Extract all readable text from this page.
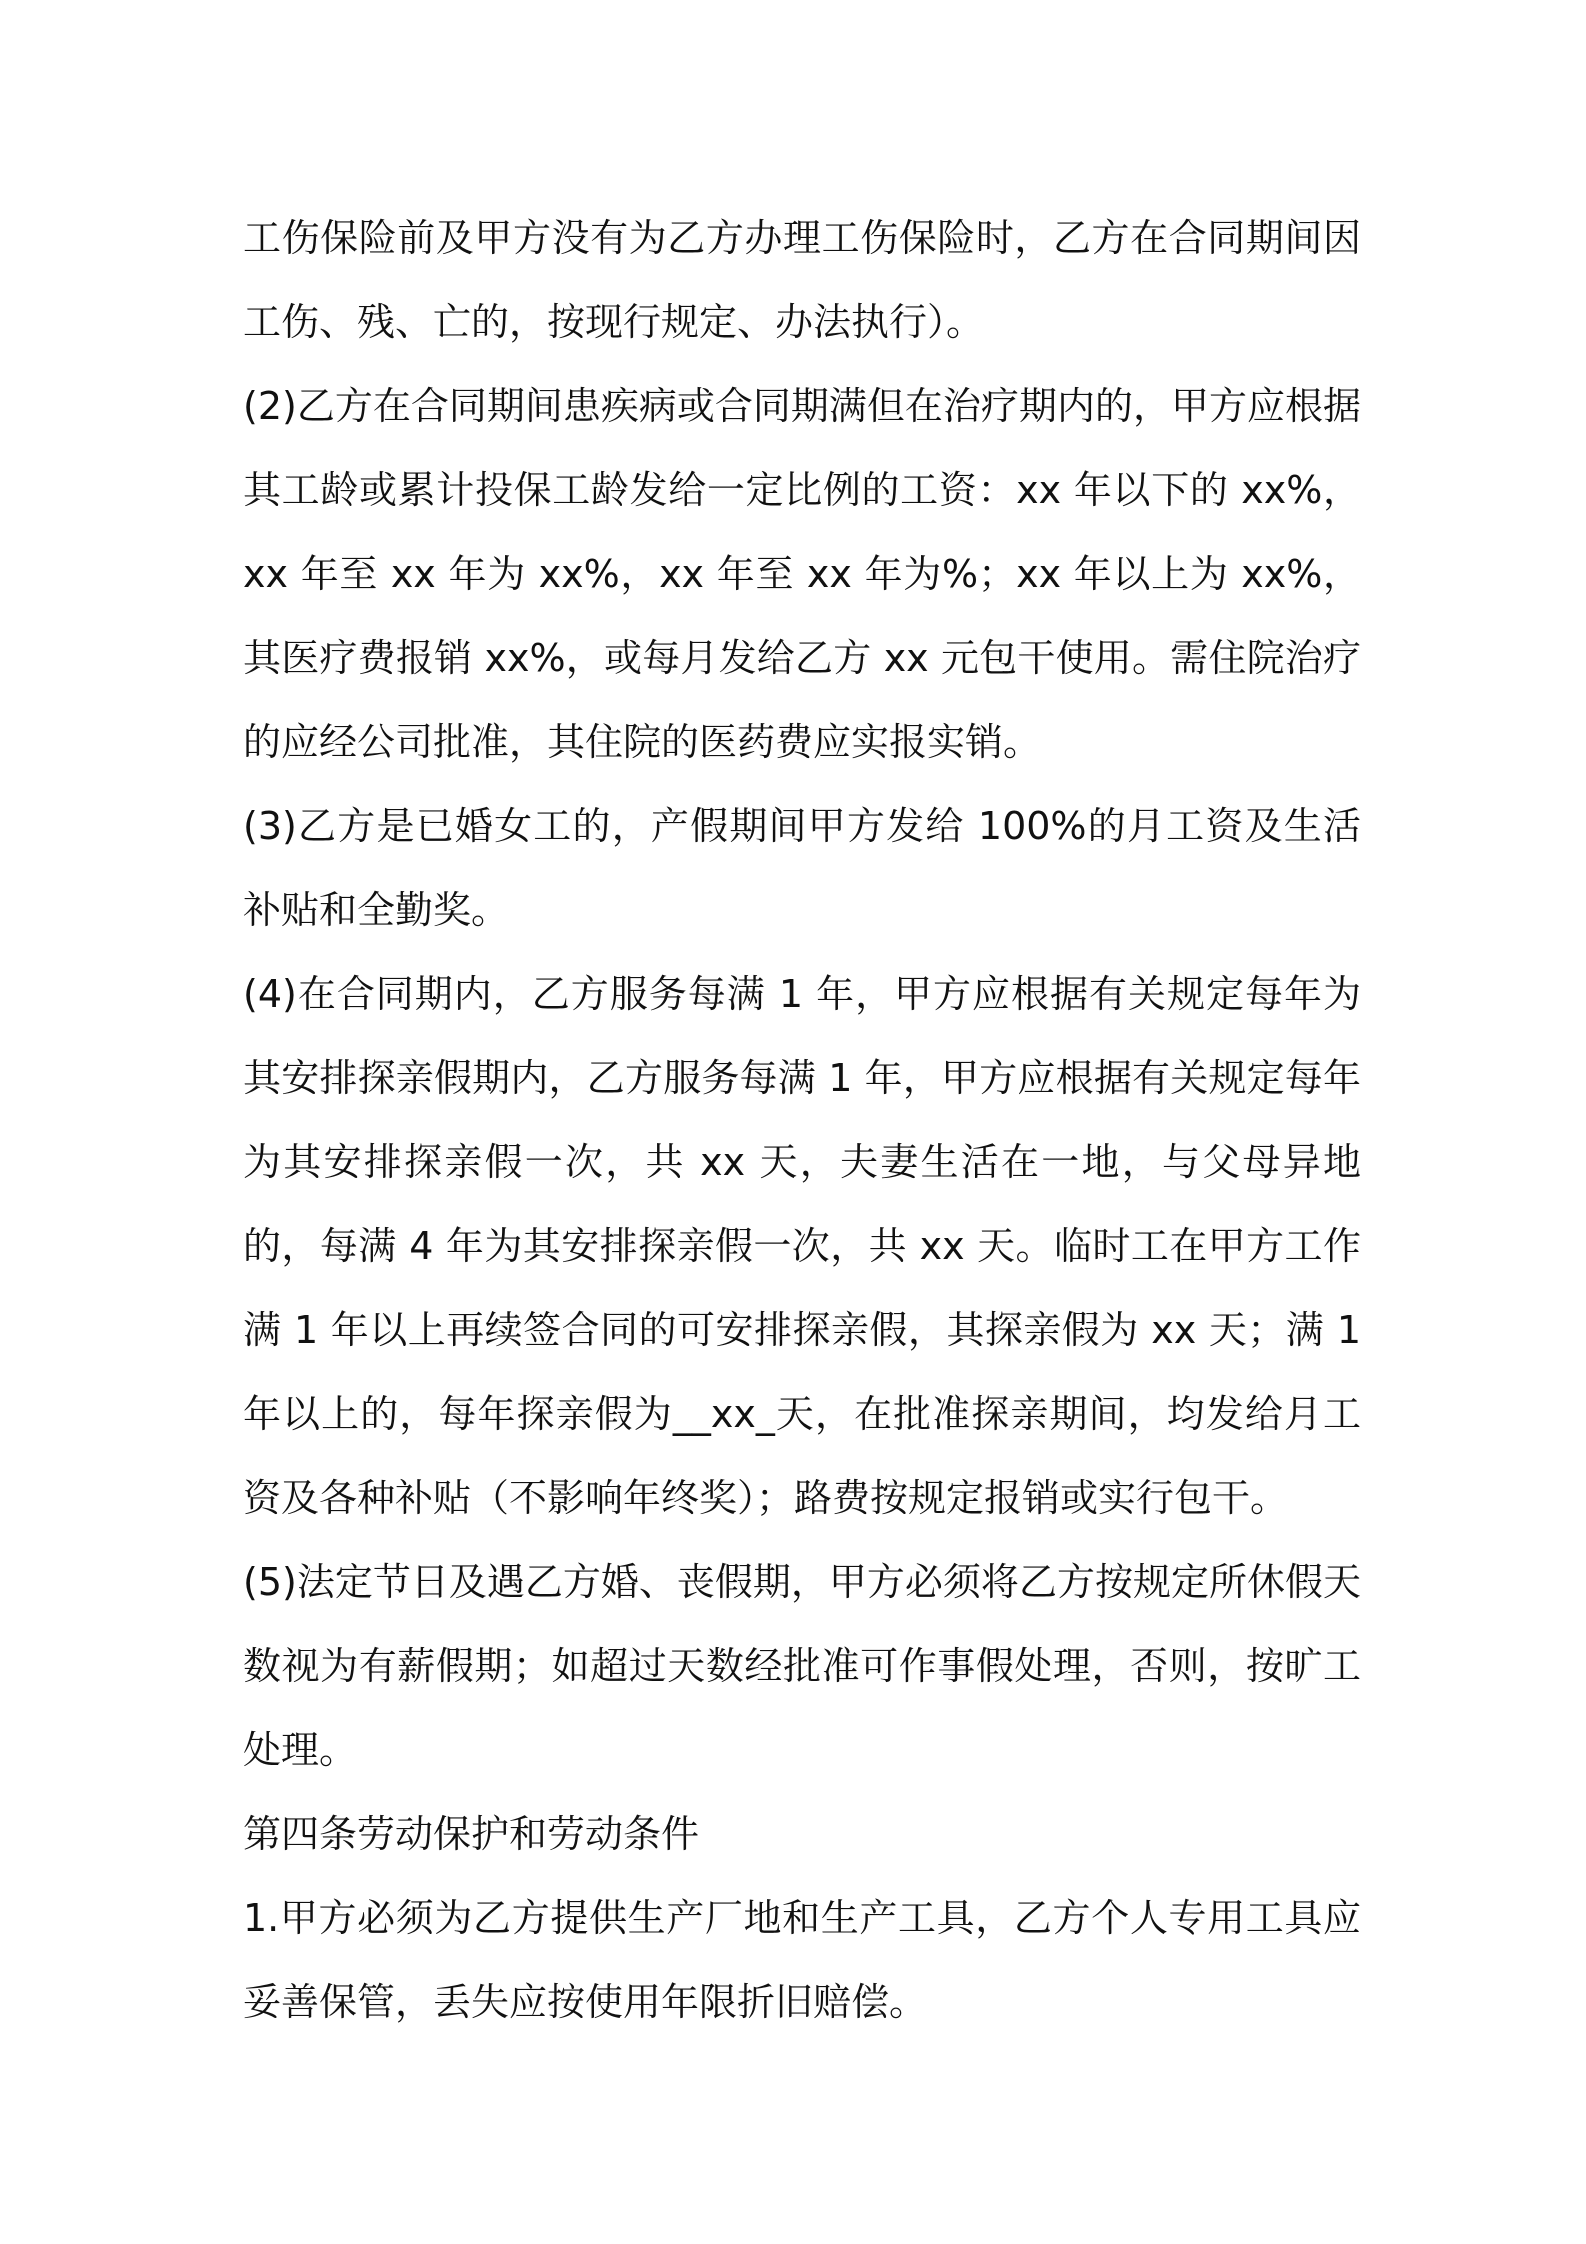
工伤保险前及甲方没有为乙方办理工伤保险时，乙方在合同期间因工伤、残、亡的，按现行规定、办法执行）。

(2)乙方在合同期间患疾病或合同期满但在治疗期内的，甲方应根据其工龄或累计投保工龄发给一定比例的工资：xx 年以下的 xx%，xx 年至 xx 年为 xx%，xx 年至 xx 年为%；xx 年以上为 xx%，其医疗费报销 xx%，或每月发给乙方 xx 元包干使用。需住院治疗的应经公司批准，其住院的医药费应实报实销。

(3)乙方是已婚女工的，产假期间甲方发给 100%的月工资及生活补贴和全勤奖。

(4)在合同期内，乙方服务每满 1 年，甲方应根据有关规定每年为其安排探亲假期内，乙方服务每满 1 年，甲方应根据有关规定每年为其安排探亲假一次，共 xx 天，夫妻生活在一地，与父母异地的，每满 4 年为其安排探亲假一次，共 xx 天。临时工在甲方工作满 1 年以上再续签合同的可安排探亲假，其探亲假为 xx 天；满 1 年以上的，每年探亲假为__xx_天，在批准探亲期间，均发给月工资及各种补贴（不影响年终奖）；路费按规定报销或实行包干。

(5)法定节日及遇乙方婚、丧假期，甲方必须将乙方按规定所休假天数视为有薪假期；如超过天数经批准可作事假处理，否则，按旷工处理。

第四条劳动保护和劳动条件

1.甲方必须为乙方提供生产厂地和生产工具，乙方个人专用工具应妥善保管，丢失应按使用年限折旧赔偿。
